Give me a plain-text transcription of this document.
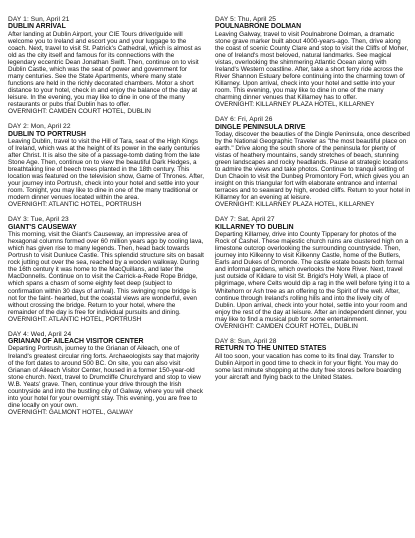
DAY 1: Sun, April 21
DUBLIN ARRIVAL

After landing at Dublin Airport, your CIE Tours driver/guide will welcome you to Ireland and escort you and your luggage to the coach. Next, travel to visit St. Patrick's Cathedral, which is almost as old as the city itself and famous for its connections with the legendary eccentric Dean Jonathan Swift. Then, continue on to visit Dublin Castle, which was the seat of power and government for many centuries. See the State Apartments, where many state functions are held in the richly decorated chambers. Motor a short distance to your hotel, check in and enjoy the balance of the day at leisure. In the evening, you may like to dine in one of the many restaurants or pubs that Dublin has to offer.

OVERNIGHT: CAMDEN COURT HOTEL, DUBLIN
DAY 2: Mon, April 22
DUBLIN TO PORTRUSH

Leaving Dublin, travel to visit the Hill of Tara, seat of the High Kings of Ireland, which was at the height of its power in the early centuries after Christ. It is also the site of a passage-tomb dating from the late Stone Age. Then, continue on to view the beautiful Dark Hedges, a breathtaking line of beech trees planted in the 18th century. This location was featured on the television show, Game of Thrones. After, your journey into Portrush, check into your hotel and settle into your room. Tonight, you may like to dine in one of the many traditional or modern dinner venues located within the area.

OVERNIGHT: ATLANTIC HOTEL, PORTRUSH
DAY 3: Tue, April 23
GIANT'S CAUSEWAY

This morning, visit the Giant's Causeway, an impressive area of hexagonal columns formed over 60 million years ago by cooling lava, which has given rise to many legends. Then, head back towards Portrush to visit Dunluce Castle. This splendid structure sits on basalt rock jutting out over the sea, reached by a wooden walkway. During the 16th century it was home to the MacQuillans, and later the MacDonnells. Continue on to visit the Carrick-a-Rede Rope Bridge, which spans a chasm of some eighty feet deep (subject to confirmation within 30 days of arrival). This swinging rope bridge is not for the faint- hearted, but the coastal views are wonderful, even without crossing the bridge. Return to your hotel, where the remainder of the day is free for individual pursuits and dining.

OVERNIGHT: ATLANTIC HOTEL, PORTRUSH
DAY 4: Wed, April 24
GRIANAN OF AILEACH VISITOR CENTER

Departing Portrush, journey to the Grianan of Aileach, one of Ireland's greatest circular ring forts. Archaeologists say that majority of the fort dates to around 500 BC. On site, you can also visit Grianan of Aileach Visitor Center, housed in a former 150-year-old stone church. Next, travel to Drumcliffe Churchyard and stop to view W.B. Yeats' grave. Then, continue your drive through the Irish countryside and into the bustling city of Galway, where you will check into your hotel for your overnight stay. This evening, you are free to dine locally on your own.

OVERNIGHT: GALMONT HOTEL, GALWAY
DAY 5: Thu, April 25
POULNABRONE DOLMAN

Leaving Galway, travel to visit Poulnabrone Dolman, a dramatic stone grave marker built about 4000-years-ago. Then, drive along the coast of scenic County Clare and stop to visit the Cliffs of Moher, one of Ireland's most beloved, natural landmarks. See magical vistas, overlooking the shimmering Atlantic Ocean along with Ireland's Western coastline. After, take a short ferry ride across the River Shannon Estuary before continuing into the charming town of Killarney. Upon arrival, check into your hotel and settle into your room. This evening, you may like to dine in one of the many charming dinner venues that Killarney has to offer.

OVERNIGHT: KILLARNEY PLAZA HOTEL, KILLARNEY
DAY 6: Fri, April 26
DINGLE PENINSULA DRIVE

Today, discover the beauties of the Dingle Peninsula, once described by the National Geographic Traveler as "the most beautiful place on earth." Drive along the south shore of the peninsula for plenty of vistas of heathery mountains, sandy stretches of beach, stunning green landscapes and rocky headlands. Pause at strategic locations to admire the views and take photos. Continue to tranquil setting of Dun Chaoin to visit the Dunbeg Promontory Fort, which gives you an insight on this triangular fort with elaborate entrance and internal terraces and to seaward by high, eroded cliffs. Return to your hotel in Killarney for an evening at leisure.

OVERNIGHT: KILLARNEY PLAZA HOTEL, KILLARNEY
DAY 7: Sat, April 27
KILLARNEY TO DUBLIN

Departing Killarney, drive into County Tipperary for photos of the Rock of Cashel. These majestic church ruins are clustered high on a limestone outcrop overlooking the surrounding countryside. Then, journey into Kilkenny to visit Kilkenny Castle, home of the Butlers, Earls and Dukes of Ormonde. The castle estate boasts both formal and informal gardens, which overlooks the Nore River. Next, travel just outside of Kildare to visit St. Brigid's Holy Well, a place of pilgrimage, where Celts would dip a rag in the well before tying it to a Whitehorn or Ash tree as an offering to the Spirit of the well. After, continue through Ireland's rolling hills and into the lively city of Dublin. Upon arrival, check into your hotel, settle into your room and enjoy the rest of the day at leisure. After an independent dinner, you may like to find a musical pub for some entertainment.

OVERNIGHT: CAMDEN COURT HOTEL, DUBLIN
DAY 8: Sun, April 28
RETURN TO THE UNITED STATES

All too soon, your vacation has come to its final day. Transfer to Dublin Airport in good time to check in for your flight. You may do some last minute shopping at the duty free stores before boarding your aircraft and flying back to the United States.
